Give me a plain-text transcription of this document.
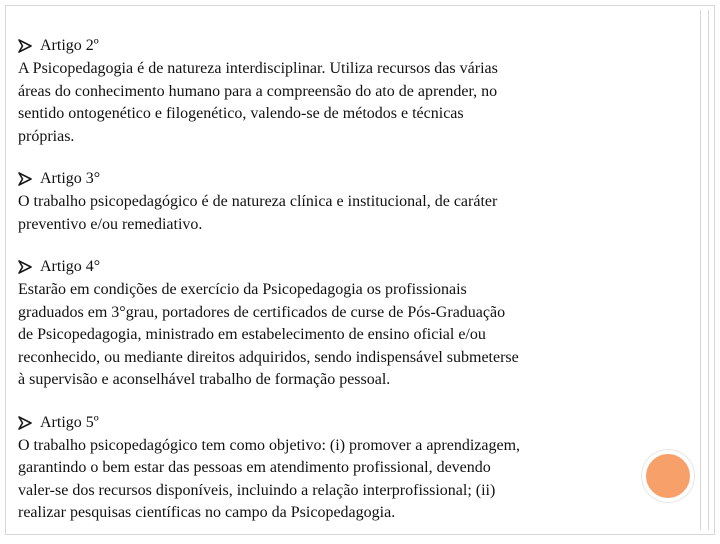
Artigo 2º
A Psicopedagogia é de natureza interdisciplinar. Utiliza recursos das várias
áreas do conhecimento humano para a compreensão do ato de aprender, no
sentido ontogenético e filogenético, valendo-se de métodos e técnicas
próprias.
Artigo 3°
O trabalho psicopedagógico é de natureza clínica e institucional, de caráter
preventivo e/ou remediativo.
Artigo 4°
Estarão em condições de exercício da Psicopedagogia os profissionais
graduados em 3°grau, portadores de certificados de curse de Pós-Graduação
de Psicopedagogia, ministrado em estabelecimento de ensino oficial e/ou
reconhecido, ou mediante direitos adquiridos, sendo indispensável submeterse
à supervisão e aconselhável trabalho de formação pessoal.
Artigo 5º
O trabalho psicopedagógico tem como objetivo: (i) promover a aprendizagem,
garantindo o bem estar das pessoas em atendimento profissional, devendo
valer-se dos recursos disponíveis, incluindo a relação interprofissional; (ii)
realizar pesquisas científicas no campo da Psicopedagogia.
